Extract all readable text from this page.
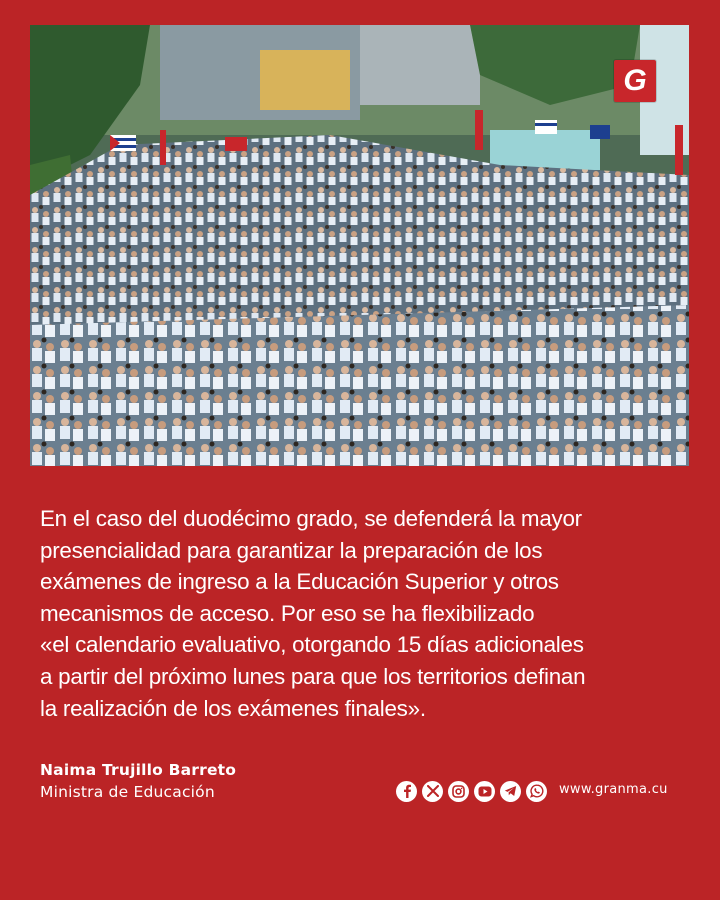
G

En el caso del duodécimo grado, se defenderá la mayor
presencialidad para garantizar la preparación de los
exámenes de ingreso a la Educación Superior y otros
mecanismos de acceso. Por eso se ha flexibilizado
«el calendario evaluativo, otorgando 15 días adicionales
a partir del próximo lunes para que los territorios definan
la realización de los exámenes finales».

Naima Trujillo Barreto
Ministra de Educación	www.granma.cu
